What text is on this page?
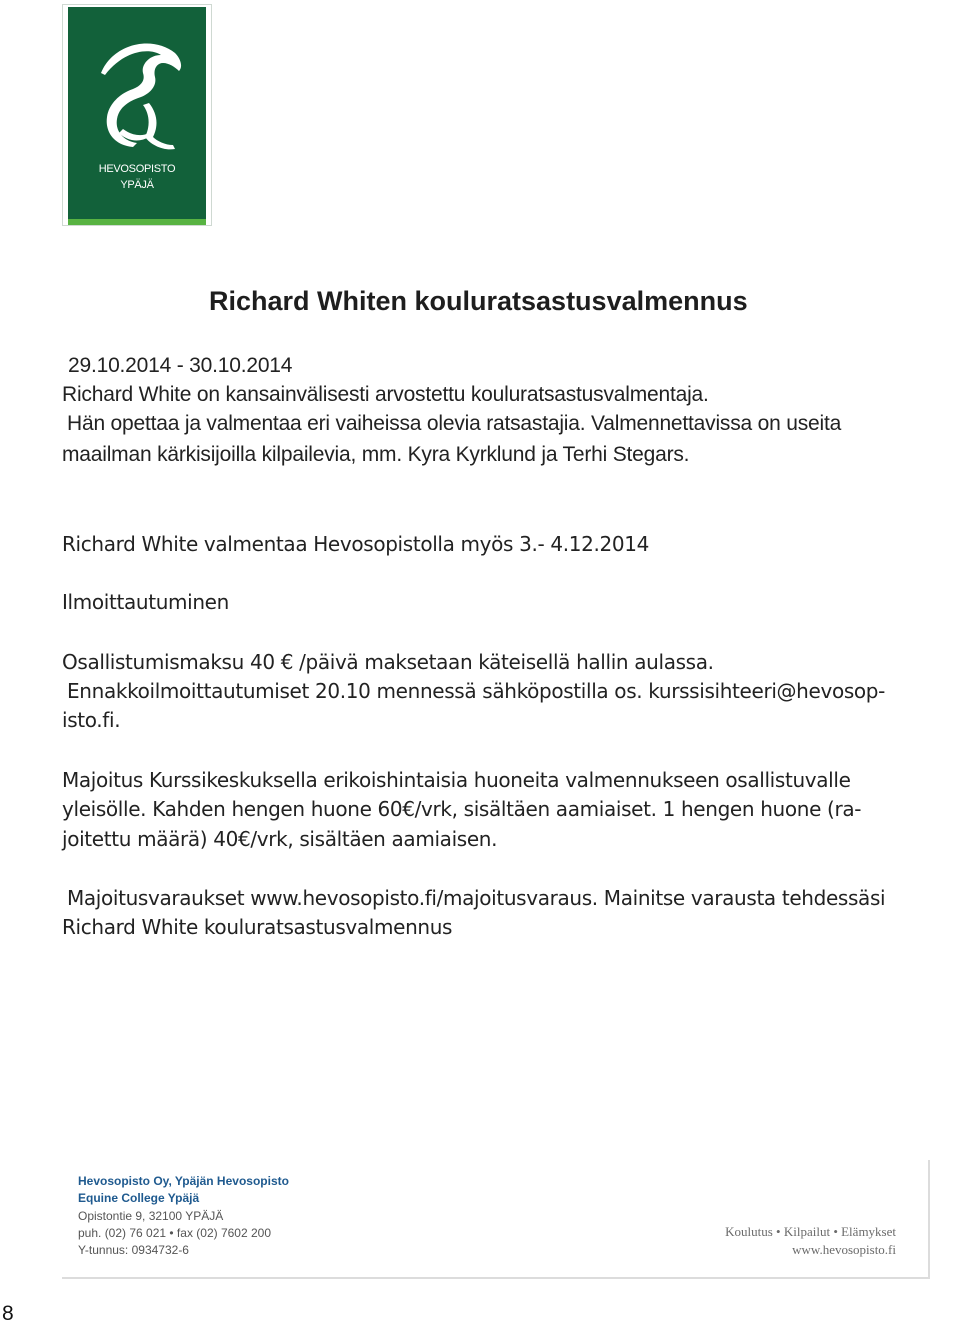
HEVOSOPISTO
YPÄJÄ
Richard Whiten kouluratsastusvalmennus

29.10.2014 - 30.10.2014

Richard White on kansainvälisesti arvostettu kouluratsastusvalmentaja.

Hän opettaa ja valmentaa eri vaiheissa olevia ratsastajia. Valmennettavissa on useita

maailman kärkisijoilla kilpailevia, mm. Kyra Kyrklund ja Terhi Stegars.

Richard White valmentaa Hevosopistolla myös 3.- 4.12.2014

Ilmoittautuminen

Osallistumismaksu 40 € /päivä maksetaan käteisellä hallin aulassa.

Ennakkoilmoittautumiset 20.10 mennessä sähköpostilla os. kurssisihteeri@hevosop-

isto.fi.

Majoitus Kurssikeskuksella erikoishintaisia huoneita valmennukseen osallistuvalle

yleisölle. Kahden hengen huone 60€/vrk, sisältäen aamiaiset. 1 hengen huone (ra-

joitettu määrä) 40€/vrk, sisältäen aamiaisen.

Majoitusvaraukset www.hevosopisto.fi/majoitusvaraus. Mainitse varausta tehdessäsi

Richard White kouluratsastusvalmennus

Hevosopisto Oy, Ypäjän Hevosopisto

Equine College Ypäjä

Opistontie 9, 32100 YPÄJÄ

puh. (02) 76 021 • fax (02) 7602 200

Y-tunnus: 0934732-6

Koulutus • Kilpailut • Elämykset

www.hevosopisto.fi

8
